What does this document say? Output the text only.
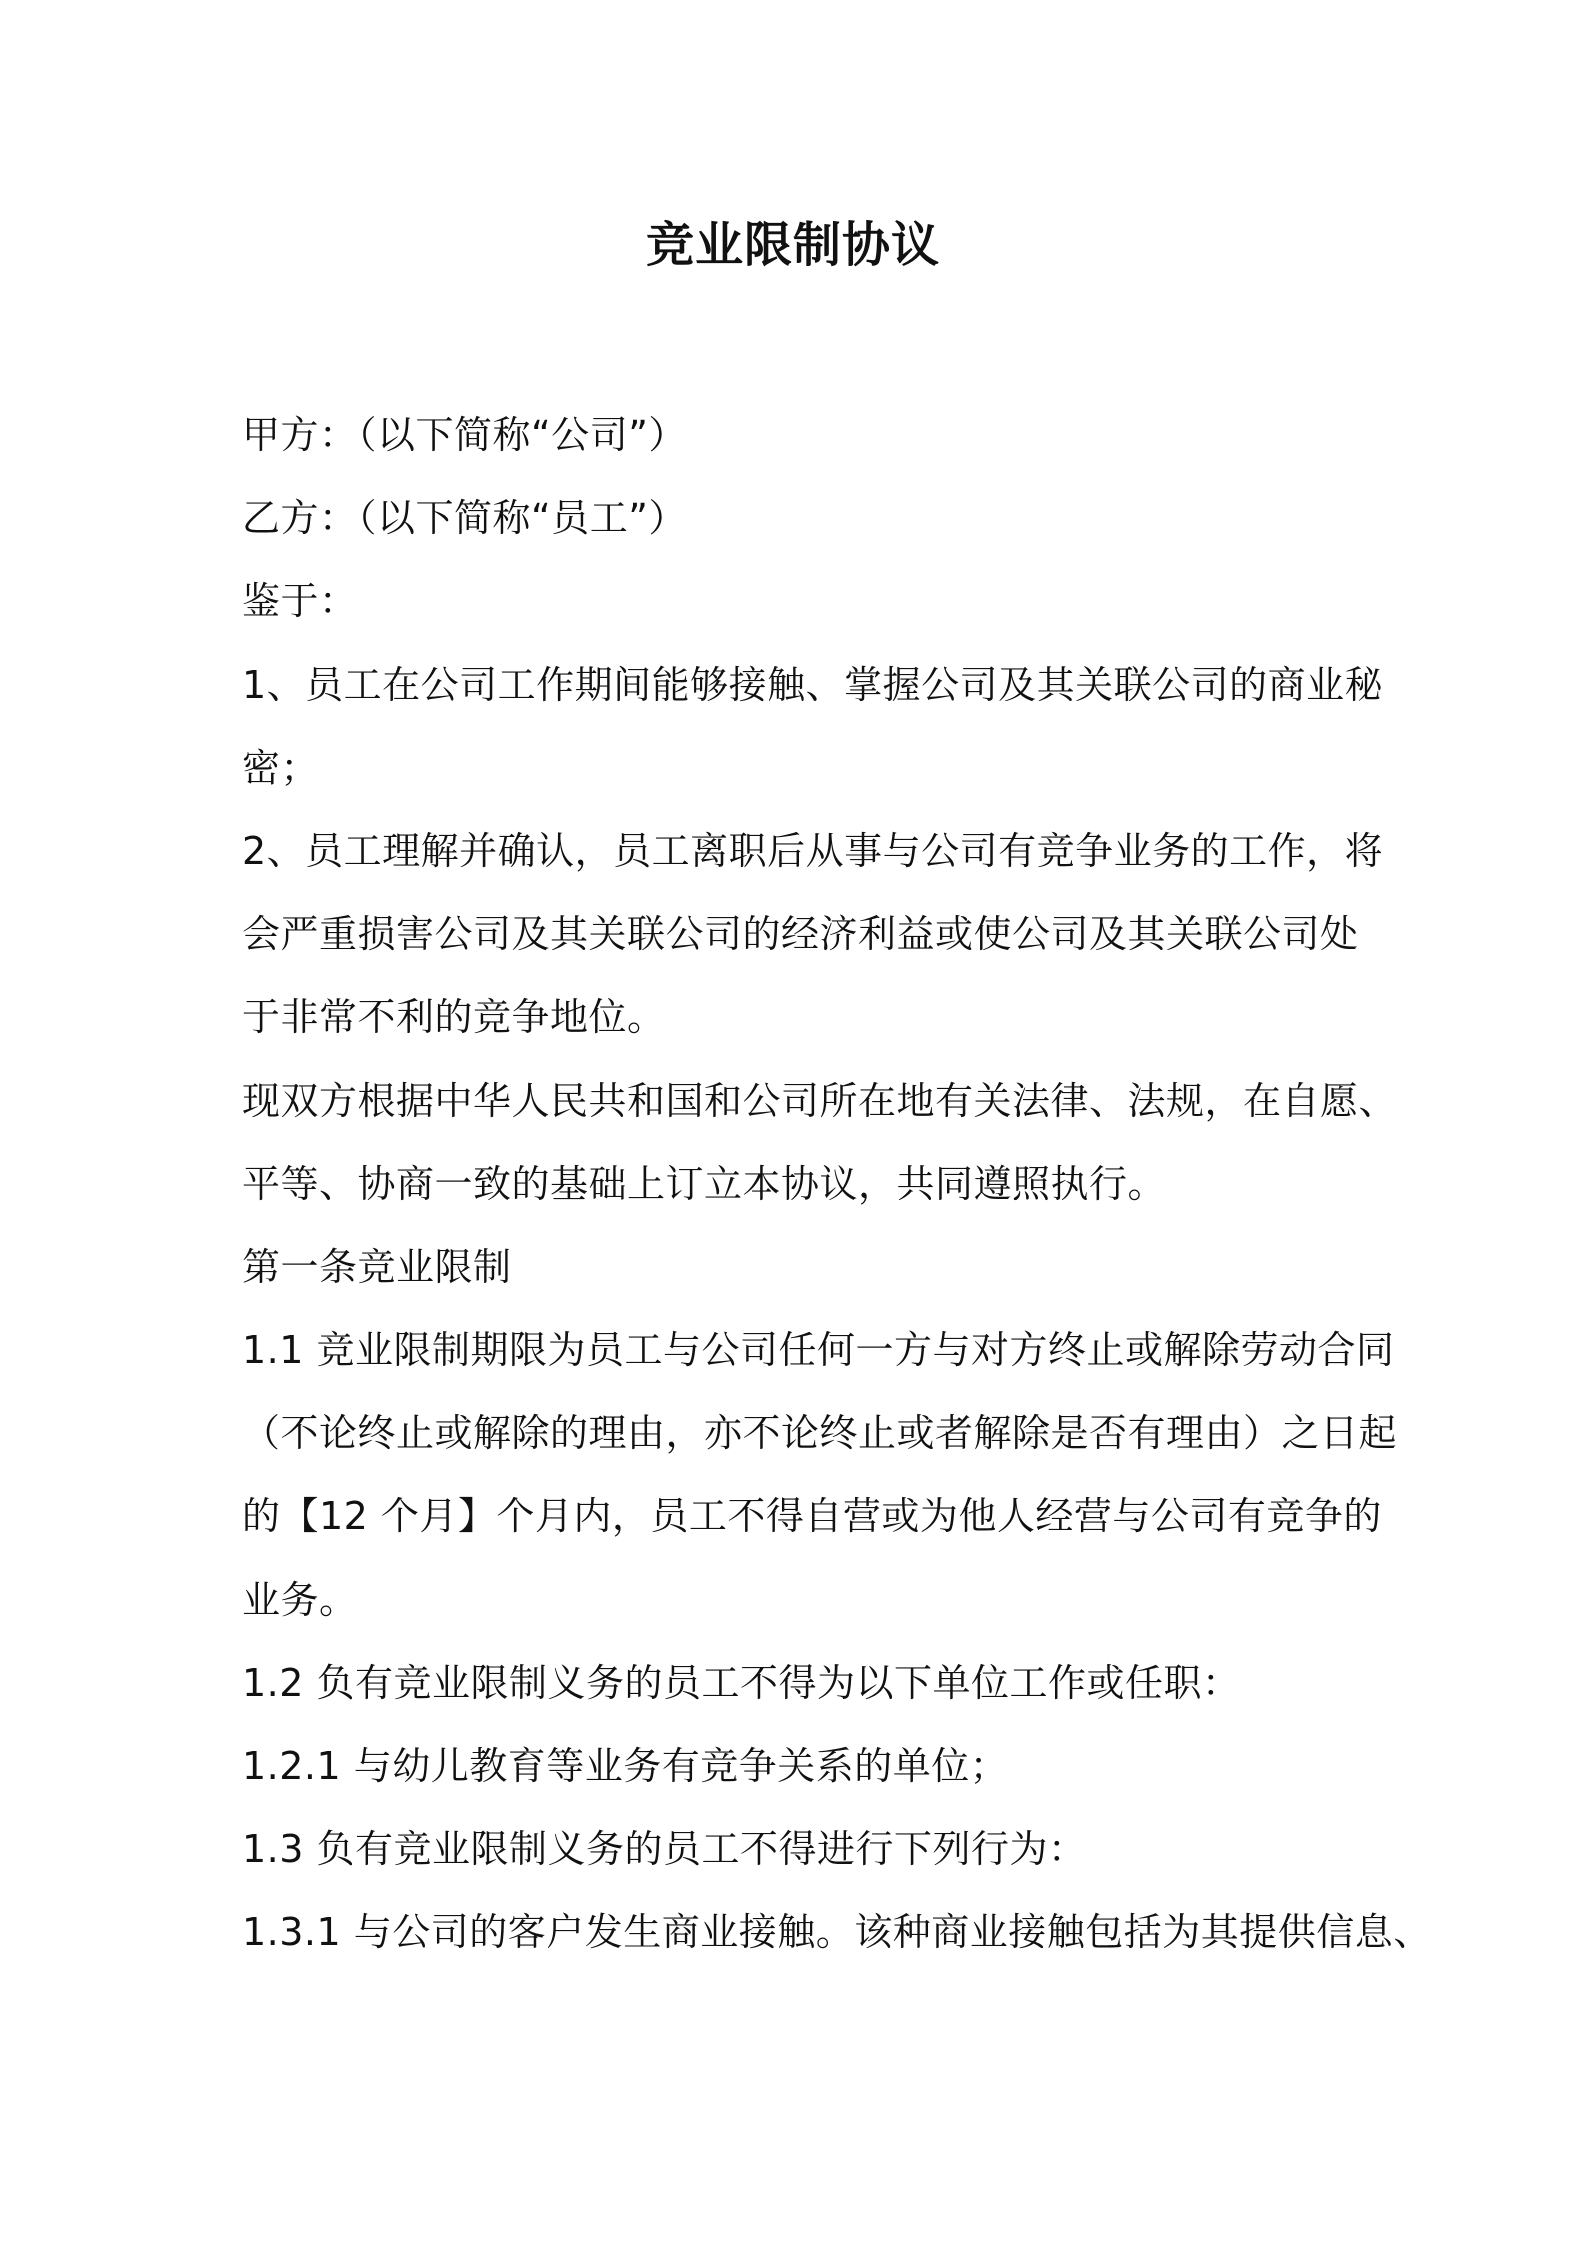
竞业限制协议
甲方：（以下简称“公司”）
乙方：（以下简称“员工”）
鉴于：
1、员工在公司工作期间能够接触、掌握公司及其关联公司的商业秘
密；
2、员工理解并确认，员工离职后从事与公司有竞争业务的工作，将
会严重损害公司及其关联公司的经济利益或使公司及其关联公司处
于非常不利的竞争地位。
现双方根据中华人民共和国和公司所在地有关法律、法规，在自愿、
平等、协商一致的基础上订立本协议，共同遵照执行。
第一条竞业限制
1.1 竞业限制期限为员工与公司任何一方与对方终止或解除劳动合同
（不论终止或解除的理由，亦不论终止或者解除是否有理由）之日起
的【12 个月】个月内，员工不得自营或为他人经营与公司有竞争的
业务。
1.2 负有竞业限制义务的员工不得为以下单位工作或任职：
1.2.1 与幼儿教育等业务有竞争关系的单位；
1.3 负有竞业限制义务的员工不得进行下列行为：
1.3.1 与公司的客户发生商业接触。该种商业接触包括为其提供信息、
